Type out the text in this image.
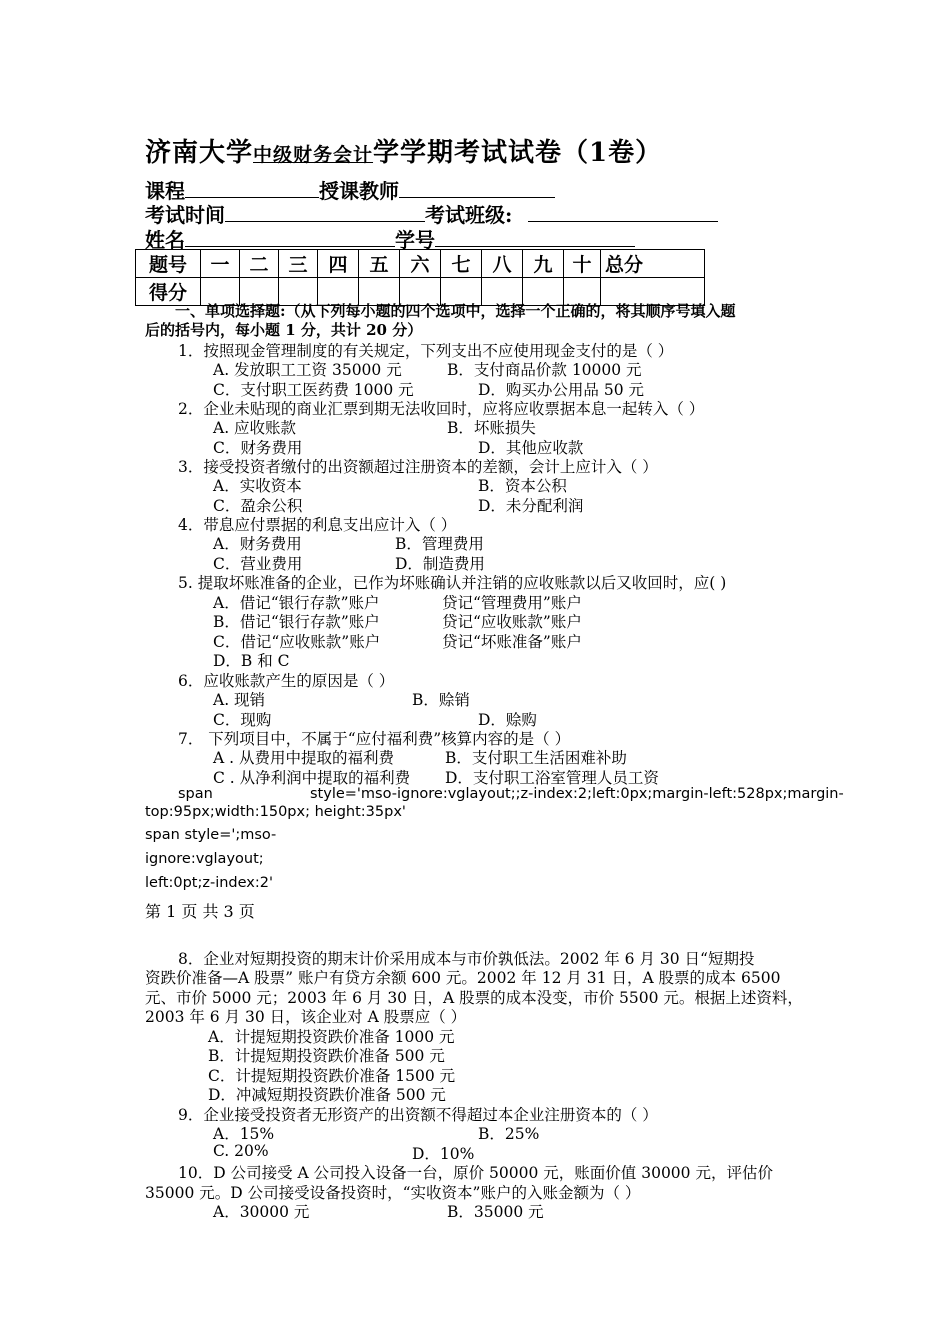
济南大学中级财务会计学学期考试试卷（1卷）
课程	授课教师
考试时间	考试班级:
姓名	学号
题号	一	二	三	四	五	六	七	八	九	十	总分
得分											
一、单项选择题:（从下列每小题的四个选项中，选择一个正确的，将其顺序号填入题
后的括号内，每小题 1 分，共计 20 分）
1．按照现金管理制度的有关规定，下列支出不应使用现金支付的是（ ）
A. 发放职工工资 35000 元	B．支付商品价款 10000 元
C．支付职工医药费 1000 元	D．购买办公用品 50 元
2．企业未贴现的商业汇票到期无法收回时，应将应收票据本息一起转入（ ）
A. 应收账款	B．坏账损失
C．财务费用	D．其他应收款
3．接受投资者缴付的出资额超过注册资本的差额，会计上应计入（ ）
A．实收资本	B．资本公积
C．盈余公积	D．未分配利润
4．带息应付票据的利息支出应计入（ ）
A．财务费用	B．管理费用
C．营业费用	D．制造费用
5. 提取坏账准备的企业，已作为坏账确认并注销的应收账款以后又收回时，应( )
A．借记“银行存款”账户	贷记“管理费用”账户
B．借记“银行存款”账户	贷记“应收账款”账户
C．借记“应收账款”账户	贷记“坏账准备”账户
D．B 和 C
6．应收账款产生的原因是（ ）
A. 现销	B．赊销
C．现购	D．赊购
7． 下列项目中，不属于“应付福利费”核算内容的是（ ）
A . 从费用中提取的福利费	B．支付职工生活困难补助
C . 从净利润中提取的福利费 D．支付职工浴室管理人员工资
span	style='mso-ignore:vglayout;;z-index:2;left:0px;margin-left:528px;margin-
top:95px;width:150px; height:35px'
span style=';mso-
ignore:vglayout;
left:0pt;z-index:2'
第 1 页 共 3 页
8．企业对短期投资的期末计价采用成本与市价孰低法。2002 年 6 月 30 日“短期投
资跌价准备—A 股票” 账户有贷方余额 600 元。2002 年 12 月 31 日，A 股票的成本 6500
元、市价 5000 元；2003 年 6 月 30 日，A 股票的成本没变，市价 5500 元。根据上述资料，
2003 年 6 月 30 日，该企业对 A 股票应（ ）
A．计提短期投资跌价准备 1000 元
B．计提短期投资跌价准备 500 元
C．计提短期投资跌价准备 1500 元
D．冲减短期投资跌价准备 500 元
9．企业接受投资者无形资产的出资额不得超过本企业注册资本的（ ）
A．15%	B．25%
C. 20%	D．10%
10．D 公司接受 A 公司投入设备一台，原价 50000 元，账面价值 30000 元，评估价
35000 元。D 公司接受设备投资时，“实收资本”账户的入账金额为（ ）
A．30000 元	B．35000 元
